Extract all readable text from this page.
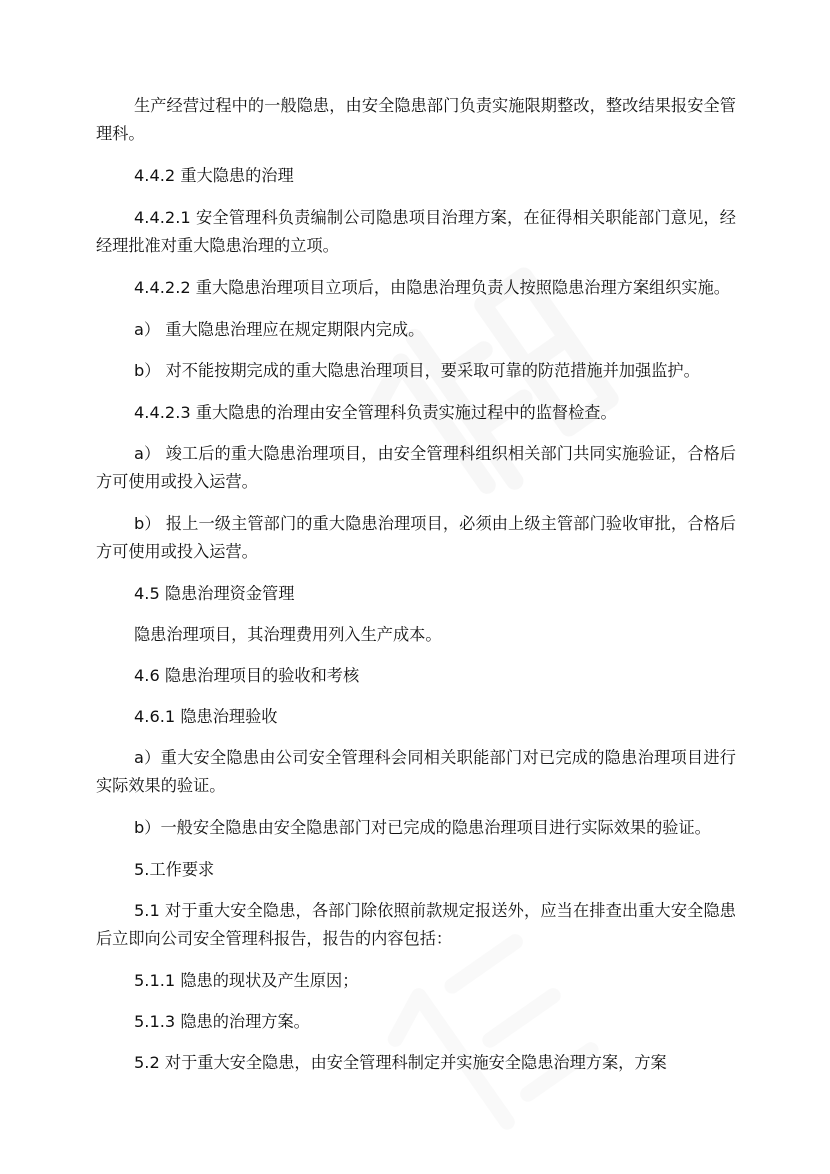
生产经营过程中的一般隐患，由安全隐患部门负责实施限期整改，整改结果报安全管理科。

4.4.2 重大隐患的治理

4.4.2.1 安全管理科负责编制公司隐患项目治理方案，在征得相关职能部门意见，经经理批准对重大隐患治理的立项。

4.4.2.2 重大隐患治理项目立项后，由隐患治理负责人按照隐患治理方案组织实施。

a） 重大隐患治理应在规定期限内完成。

b） 对不能按期完成的重大隐患治理项目，要采取可靠的防范措施并加强监护。

4.4.2.3 重大隐患的治理由安全管理科负责实施过程中的监督检查。

a） 竣工后的重大隐患治理项目，由安全管理科组织相关部门共同实施验证，合格后方可使用或投入运营。

b） 报上一级主管部门的重大隐患治理项目，必须由上级主管部门验收审批，合格后方可使用或投入运营。

4.5 隐患治理资金管理

隐患治理项目，其治理费用列入生产成本。

4.6 隐患治理项目的验收和考核

4.6.1 隐患治理验收

a）重大安全隐患由公司安全管理科会同相关职能部门对已完成的隐患治理项目进行实际效果的验证。

b）一般安全隐患由安全隐患部门对已完成的隐患治理项目进行实际效果的验证。

5.工作要求

5.1 对于重大安全隐患，各部门除依照前款规定报送外，应当在排查出重大安全隐患后立即向公司安全管理科报告，报告的内容包括：

5.1.1 隐患的现状及产生原因；

5.1.3 隐患的治理方案。

5.2 对于重大安全隐患，由安全管理科制定并实施安全隐患治理方案，方案
